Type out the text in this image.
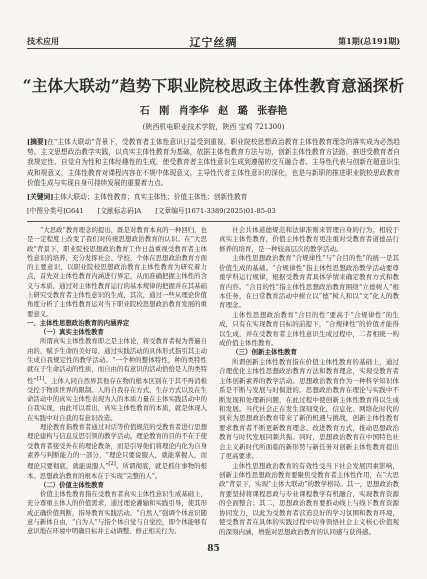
技术应用	辽宁丝绸	第1期(总191期)
“主体大联动”趋势下职业院校思政主体性教育意涵探析
石 刚 肖李华 赵 璐 张春艳
(陕西机电职业技术学院，陕西 宝鸡 721300)
[摘要]在“主体大联动”背景下，受教育者主体性意识日益受到重视，职业院校思想政治教育主体性教育理念的落实成为必然趋势。主文思想政治教学实践，以真实主体性教育为基础，依据主体性教育方法与功，创新主体性教育方法路，推进受教育者自我规定性、自觉自为性和主体经趣性的生成，使受教育者主体性意识生成到遵循的交互融合者、主导性代表与创新在超意识生成和规意义，主体性教育对课程内容在不规中体现意义，主导性代者主体性意识的深化，也是与新职的推进职业院校思政教育价值生成与实现自身可持续发展的重要着力点。
[关键词]主体大联动；主体性教育；真实主体性；价值主体性；创新性教育
[中图分类号]G641 [文献标志码]A [文章编号]1671-3389(2025)01-85-03

“大思政”教育理念的提出，既是对教育本真的一种回归，也是一定程度上改变了我们对传统思想政治教育的认识。在“大思政”背景下，职业院校思想政治教育工作日益重视受教育者主体性意识的培养，充分发挥社会、学校、个体在思想政治教育方面的主要意识，以职业院校思想政治教育主体性教育为研究着力点，首先对主体性教育内涵进行界定，从而准确把握主体性的含义与本质，通过对主体性教育运行的基本规律的把握并在其基础上研究受教育者主体性意识的生成，其次，通过一些从理论价值角度分析了主体性教育运对当下职业院校思想政治教育发展的重要意义。

一、主体性思想政治教育的内涵界定

（一）真实主体性教育

所谓真实主体性教育即之是主体论，将受教育者视为普遍自由的、赋予生命的美好母，通过实践活动的具体形式指引其主动生成自我规定性的教学活动。“一个种的整体特性，种的类特性就在于生命活动的性质，而自由的有意识的活动恰恰是人的类特性”[1]。主体人同自然界其他存在物的根本区别在于其不再消极受控于物质世界的限制。人的自我存在方式、生存方式以及在生命活动中的真实主体性表现为人的本质力量在主体实践活动中的自我实现，由此可以看出，真实主体性教育的本质，就是体现人在实践中对自我的有意识改造。

理论教育指教育者通过对话等价值规范的受教育者进行思想理论建构与信息反思引领的教学活动。理论教育的目的不在于使受教育者接受外在的理论教条，而是引导他们将理论内化为自身素养与判断能力的一部分，“理论只要说服人，就能掌握人，而理论只要彻底，就能说服人”[2]。所谓彻底，就是抓住事物的根本。思想政治教育的根本在于实现“完整的人”。

（二）价值主体性教育

价值主体性教育指在受教育者真实主体性意识生成基础上，充分尊重主体人的价值需求，通过理论灌输和实践引导，使其形成正确价值判断，指导教育实践活动。“自然人”强调个体意识随意与新体自由，“自为人”与指个体自觉与自觉控，即个体能够有意识地在环境中明确目标并主动调整、修正相关行为。

社会共体道德规范和法律准则来管理自身的行为。相较于真实主体性教育，价值主体性教育更注重对受教育者道德品行修养的培育，是一种较高层次的教学活动。

主体性思想政治教育“合规律性”与“合目的性”的统一是其价值生成的基础。“合规律性”指主体性思想政治教学活动要尊重学科运行规律，根据受教育者具体学情来确定教育方式和教育内容。“合目的性”指主体性思想政治教育围绕“立德树人”根本任务，在日常教育活动中树立以“德”树人和以“文”化人的教育理念。

主体性思想政治教育“合目的性”要高于“合规律性”的生成，只有在实现教育目标的前提下，“合规律性”的价值才能得以生成，并在受教育者主体性意识生成过程中，二者相统一构成价值主体性教育。

（三）创新主体性教育

所谓创新主体性教育指在价值主体性教育的基础上，通过合理优化主体性思想政治教育方法和教育理念，实现受教育者主体创新素养的教学活动。思想政治教育作为一种科学知识体系是不断与发展与时俱进的。思想政治教育在理论与实践中不断发现和处理新问题，在此过程中使创新主体性教育得以生成和发展。当代社会正在发生深刻变化，信息化、网络化时代的到来为思想政治教育带来了新的机遇与挑战，创新主体性教育要求教育者不断更新教育理念、改进教育方式，推动思想政治教育与时代发展同频共振。同时，思想政治教育在中国特色社会主义新时代所面临的新形势与新任务对创新主体性教育提出了更高要求。

主体性思想政治教育的有效性受当下社会发展因素影响，创新主体性思想政治教育要聚焦受教育者主体性作用，在“大思政”背景下，实现“主体大联动”的教学格局。其一，思想政治教育要坚持将课程思政与专业课程教学有机融合，实现教育资源的全面整合；其二，思想政治教育要推动线上与线下教育资源协同发力，以此为受教育者营造良好的学习氛围和教育环境，使受教育者在具体的实践过程中切身领悟社会主义核心价值观的深刻内涵，增强对思想政治教育的认同感与获得感。

85
